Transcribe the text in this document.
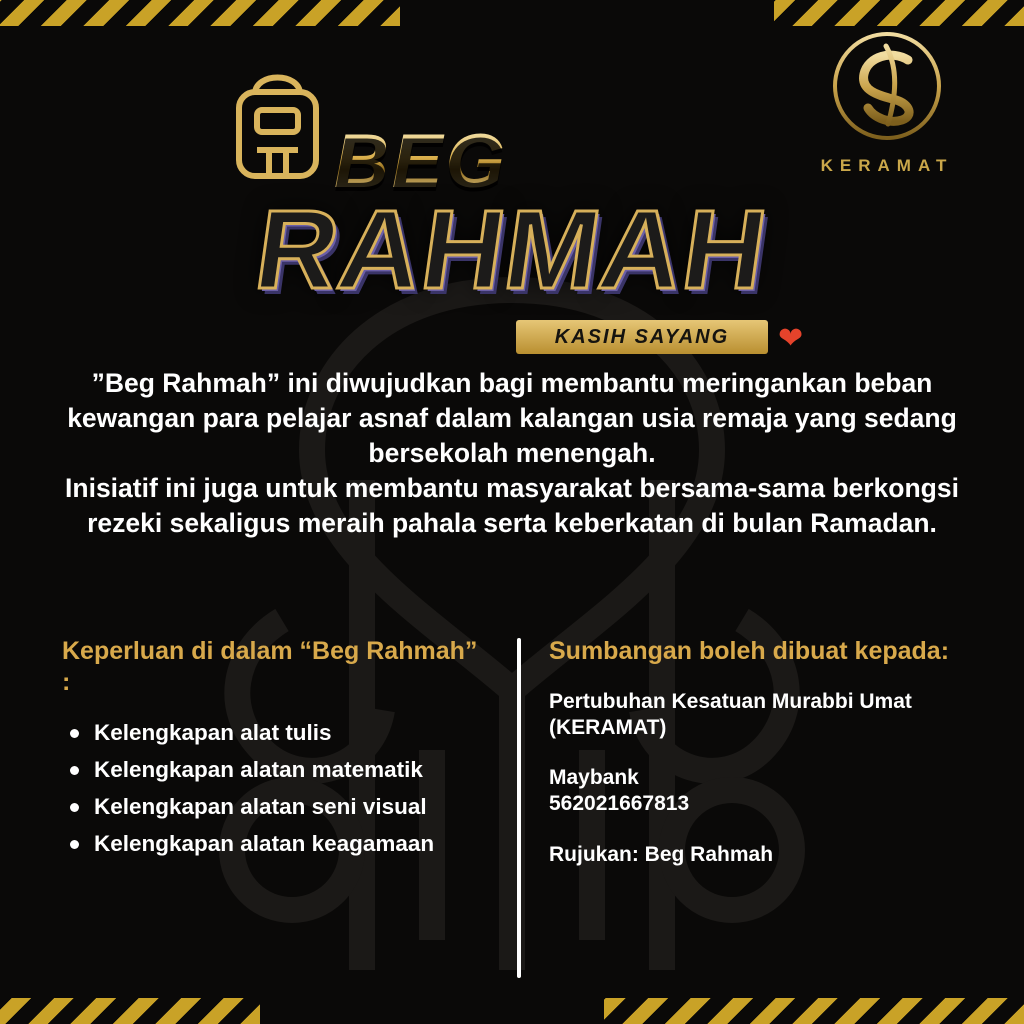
KERAMAT
BEG
RAHMAH
KASIH SAYANG	❤

”Beg Rahmah” ini diwujudkan bagi membantu meringankan beban kewangan para pelajar asnaf dalam kalangan usia remaja yang sedang bersekolah menengah.

Inisiatif ini juga untuk membantu masyarakat bersama-sama berkongsi rezeki sekaligus meraih pahala serta keberkatan di bulan Ramadan.

Keperluan di dalam “Beg Rahmah” :
Kelengkapan alat tulis
Kelengkapan alatan matematik
Kelengkapan alatan seni visual
Kelengkapan alatan keagamaan
Sumbangan boleh dibuat kepada:
Pertubuhan Kesatuan Murabbi Umat (KERAMAT)
Maybank
562021667813
Rujukan: Beg Rahmah
